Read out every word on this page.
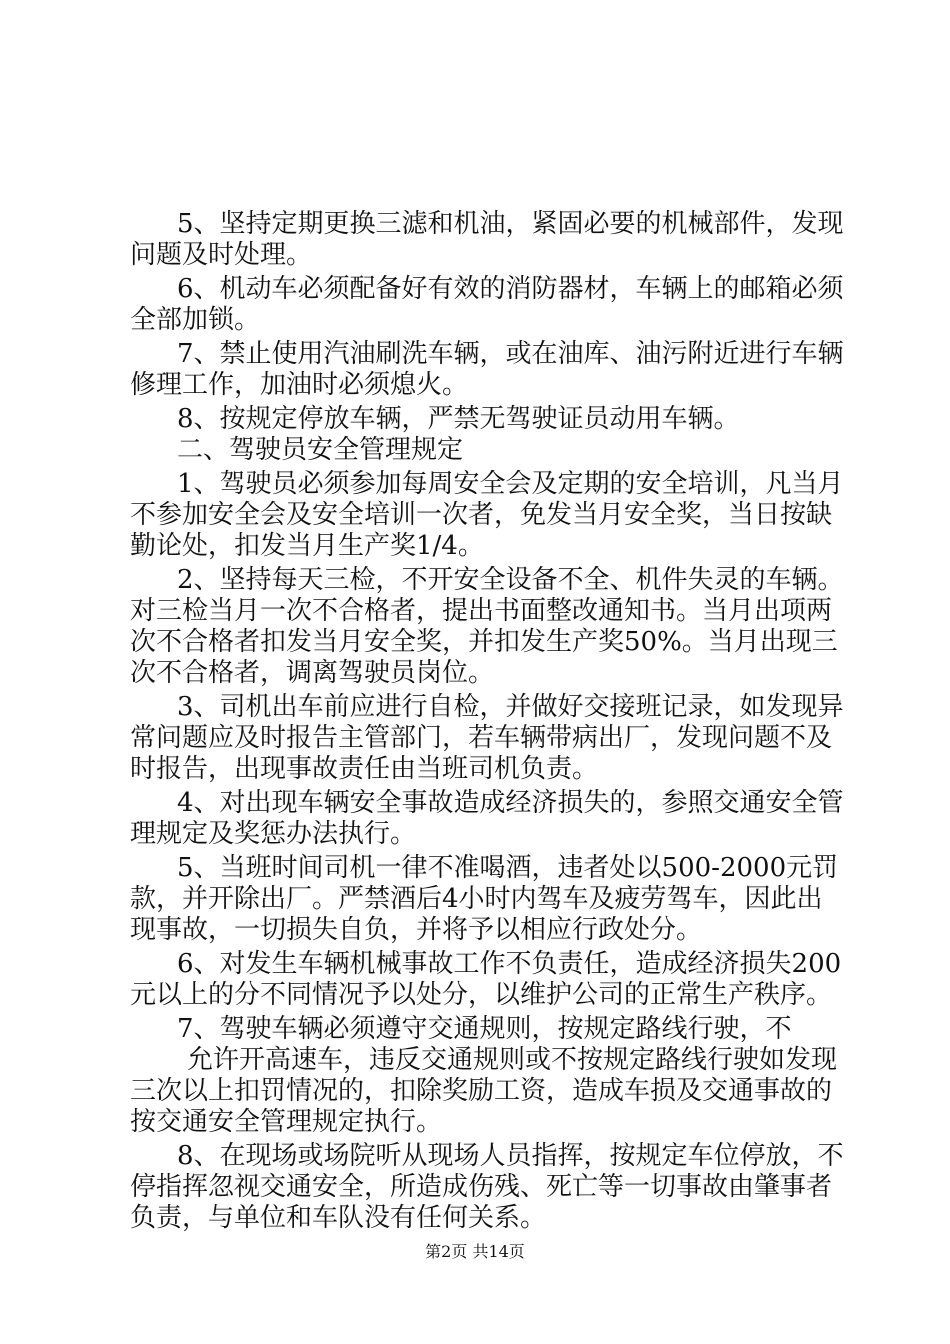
5、坚持定期更换三滤和机油，紧固必要的机械部件，发现
问题及时处理。
6、机动车必须配备好有效的消防器材，车辆上的邮箱必须
全部加锁。
7、禁止使用汽油刷洗车辆，或在油库、油污附近进行车辆
修理工作，加油时必须熄火。
8、按规定停放车辆，严禁无驾驶证员动用车辆。
二、驾驶员安全管理规定
1、驾驶员必须参加每周安全会及定期的安全培训，凡当月
不参加安全会及安全培训一次者，免发当月安全奖，当日按缺
勤论处，扣发当月生产奖1/4。
2、坚持每天三检，不开安全设备不全、机件失灵的车辆。
对三检当月一次不合格者，提出书面整改通知书。当月出项两
次不合格者扣发当月安全奖，并扣发生产奖50%。当月出现三
次不合格者，调离驾驶员岗位。
3、司机出车前应进行自检，并做好交接班记录，如发现异
常问题应及时报告主管部门，若车辆带病出厂，发现问题不及
时报告，出现事故责任由当班司机负责。
4、对出现车辆安全事故造成经济损失的，参照交通安全管
理规定及奖惩办法执行。
5、当班时间司机一律不准喝酒，违者处以500-2000元罚
款，并开除出厂。严禁酒后4小时内驾车及疲劳驾车，因此出
现事故，一切损失自负，并将予以相应行政处分。
6、对发生车辆机械事故工作不负责任，造成经济损失200
元以上的分不同情况予以处分，以维护公司的正常生产秩序。
7、驾驶车辆必须遵守交通规则，按规定路线行驶，不
允许开高速车，违反交通规则或不按规定路线行驶如发现
三次以上扣罚情况的，扣除奖励工资，造成车损及交通事故的
按交通安全管理规定执行。
8、在现场或场院听从现场人员指挥，按规定车位停放，不
停指挥忽视交通安全，所造成伤残、死亡等一切事故由肇事者
负责，与单位和车队没有任何关系。
第2页 共14页
